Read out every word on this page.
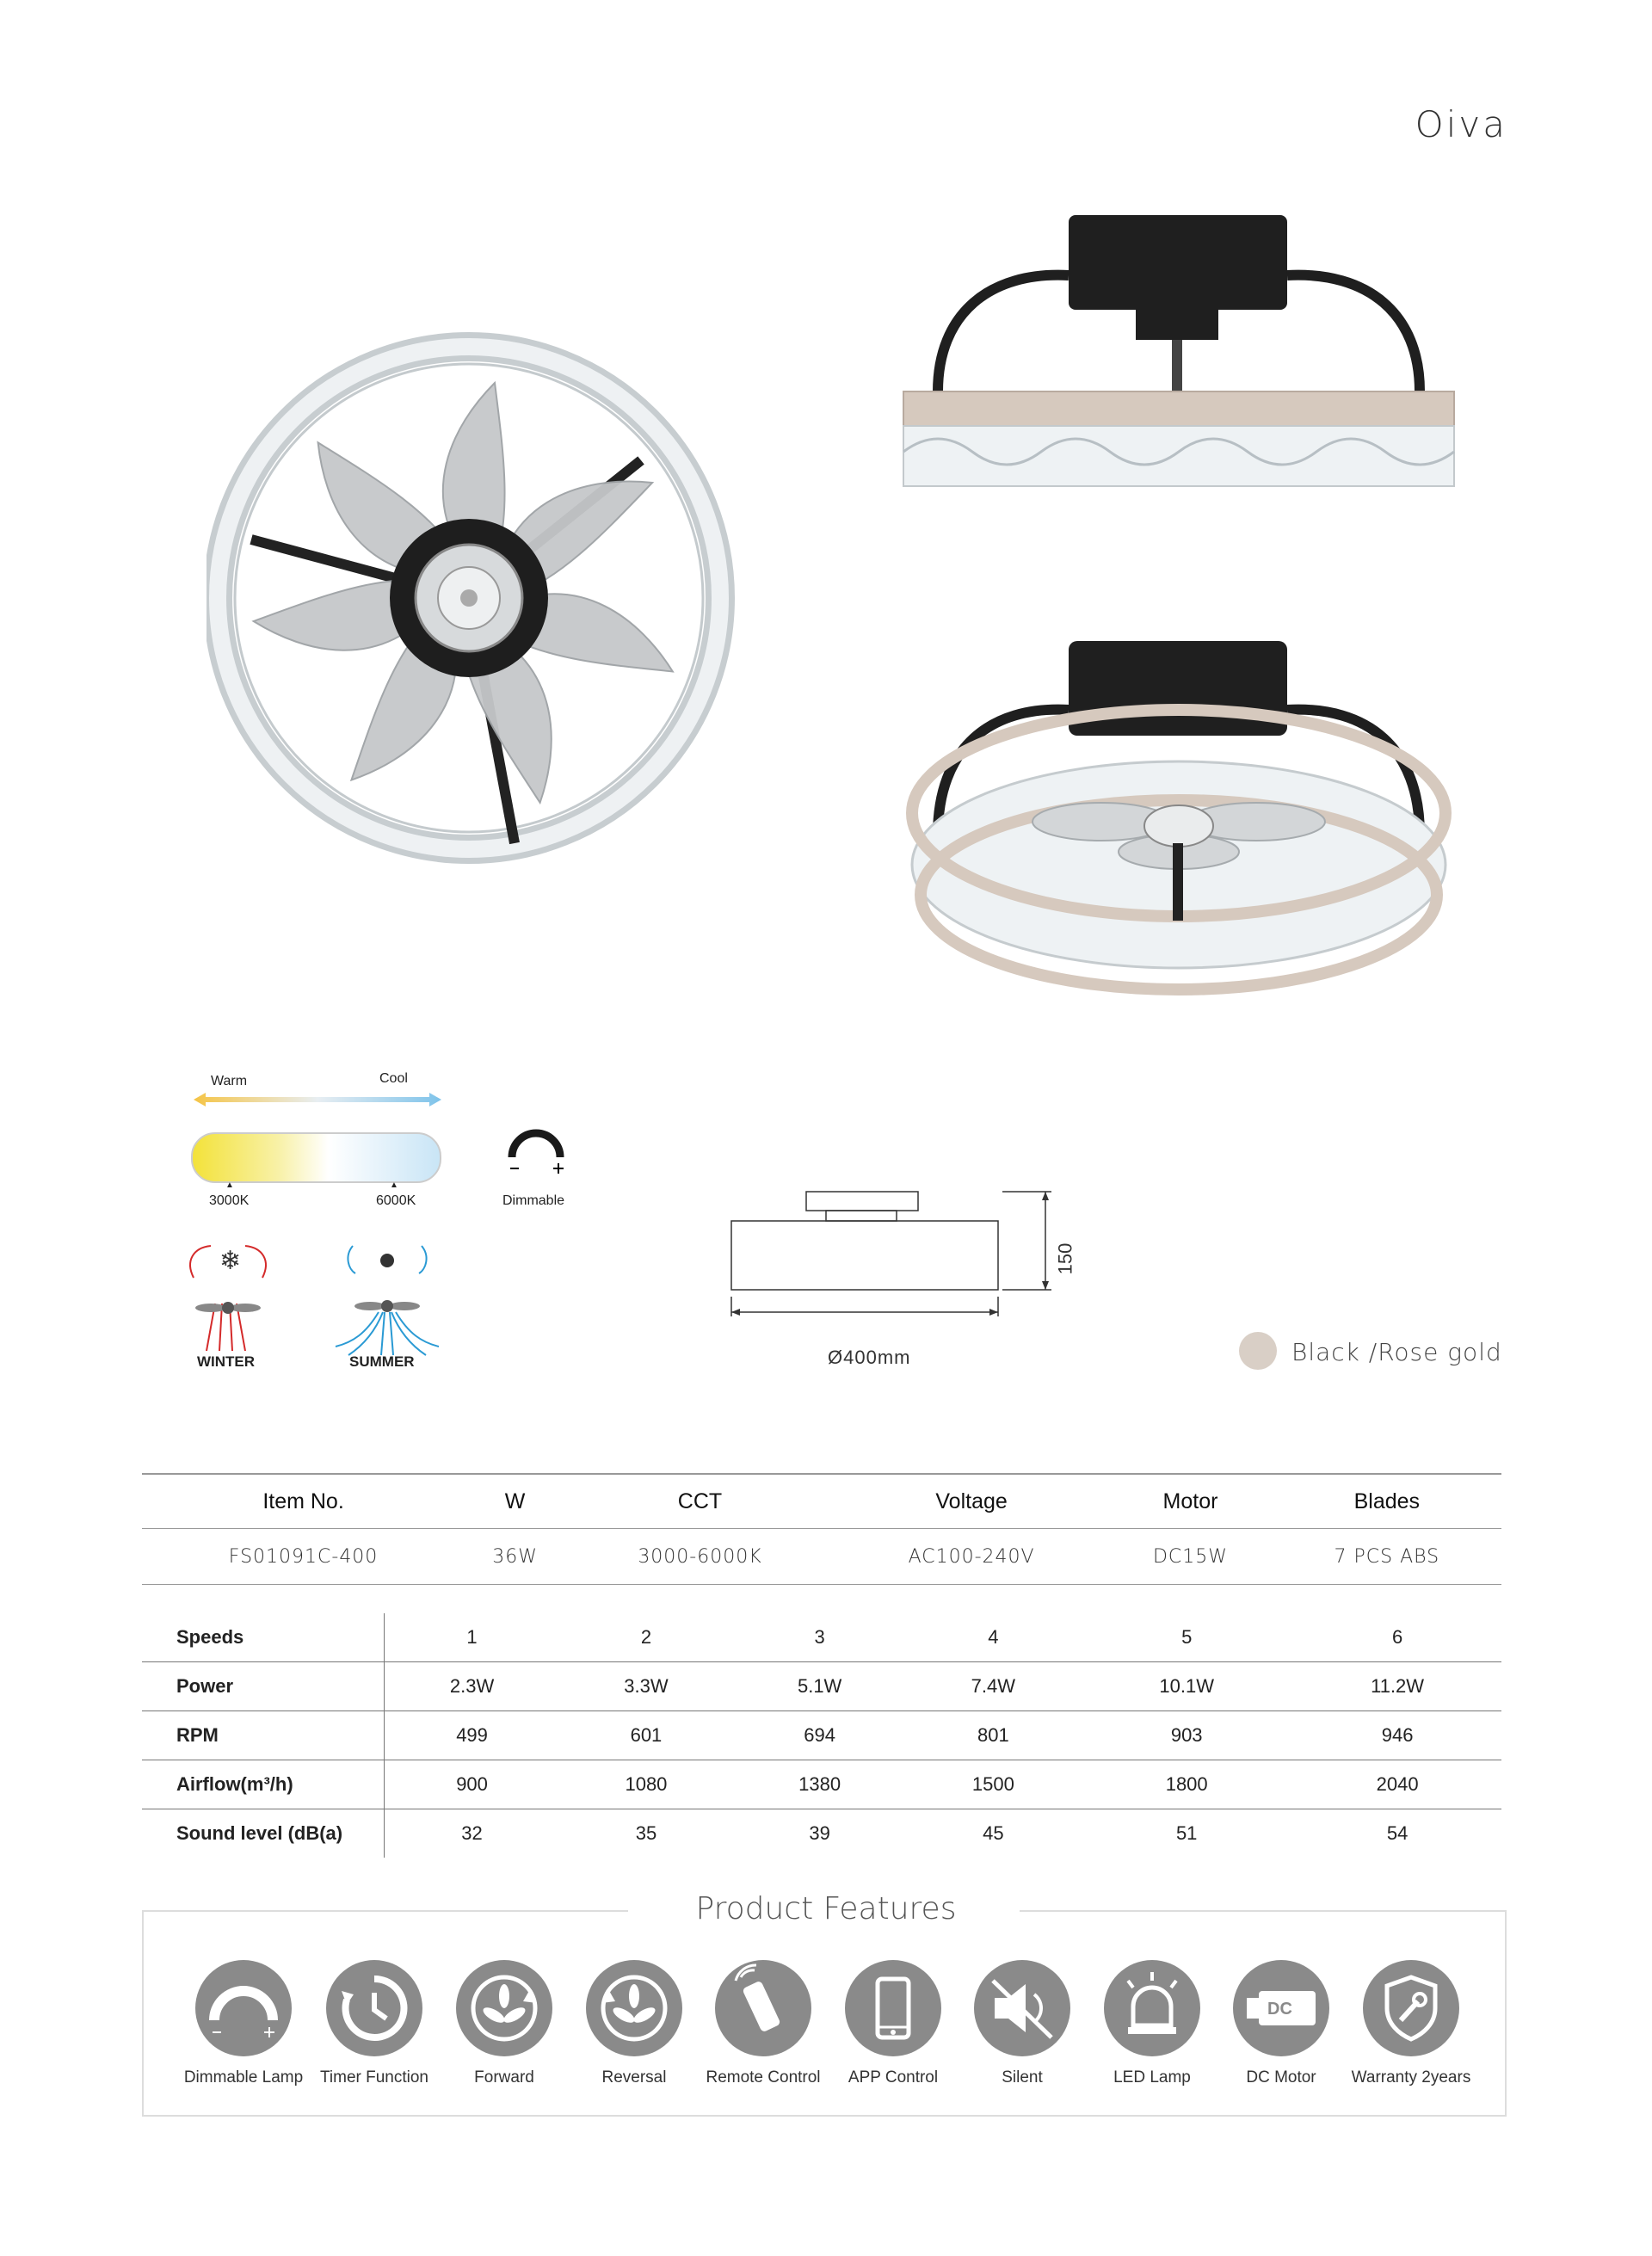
Oiva
Warm	Cool
▲	▲
3000K	6000K	Dimmable
❄
WINTER	SUMMER
150
Ø400mm	Black /Rose gold
Item No.	W	CCT	Voltage	Motor	Blades
FS01091C-400	36W	3000-6000K	AC100-240V	DC15W	7 PCS ABS
Speeds	1	2	3	4	5	6
Power	2.3W	3.3W	5.1W	7.4W	10.1W	11.2W
RPM	499	601	694	801	903	946
Airflow(m³/h)	900	1080	1380	1500	1800	2040
Sound level (dB(a)	32	35	39	45	51	54
Product Features
Dimmable Lamp	Timer Function	Forward	Reversal	Remote Control	APP Control	Silent	LED Lamp
DC
DC Motor	Warranty 2years
